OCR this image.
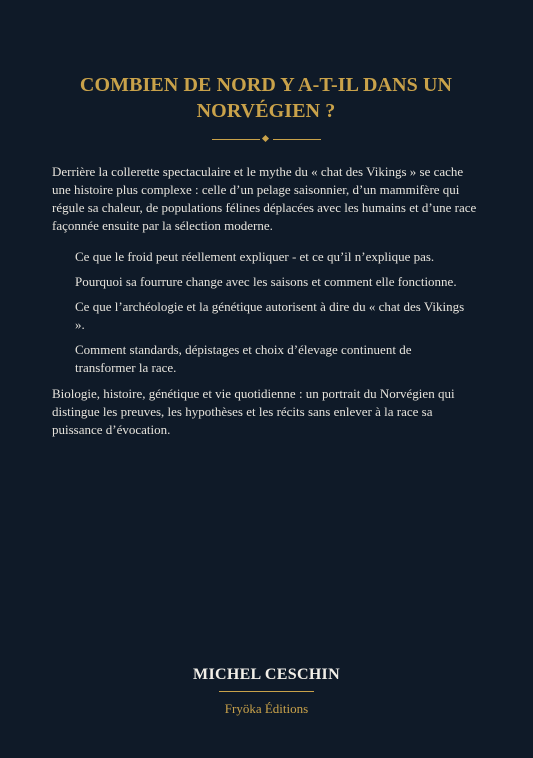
COMBIEN DE NORD Y A-T-IL DANS UN NORVÉGIEN ?

Derrière la collerette spectaculaire et le mythe du « chat des Vikings » se cache une histoire plus complexe : celle d’un pelage saisonnier, d’un mammifère qui régule sa chaleur, de populations félines déplacées avec les humains et d’une race façonnée ensuite par la sélection moderne.

Ce que le froid peut réellement expliquer - et ce qu’il n’explique pas.
Pourquoi sa fourrure change avec les saisons et comment elle fonctionne.
Ce que l’archéologie et la génétique autorisent à dire du « chat des Vikings ».
Comment standards, dépistages et choix d’élevage continuent de transformer la race.

Biologie, histoire, génétique et vie quotidienne : un portrait du Norvégien qui distingue les preuves, les hypothèses et les récits sans enlever à la race sa puissance d’évocation.

MICHEL CESCHIN
Fryöka Éditions
